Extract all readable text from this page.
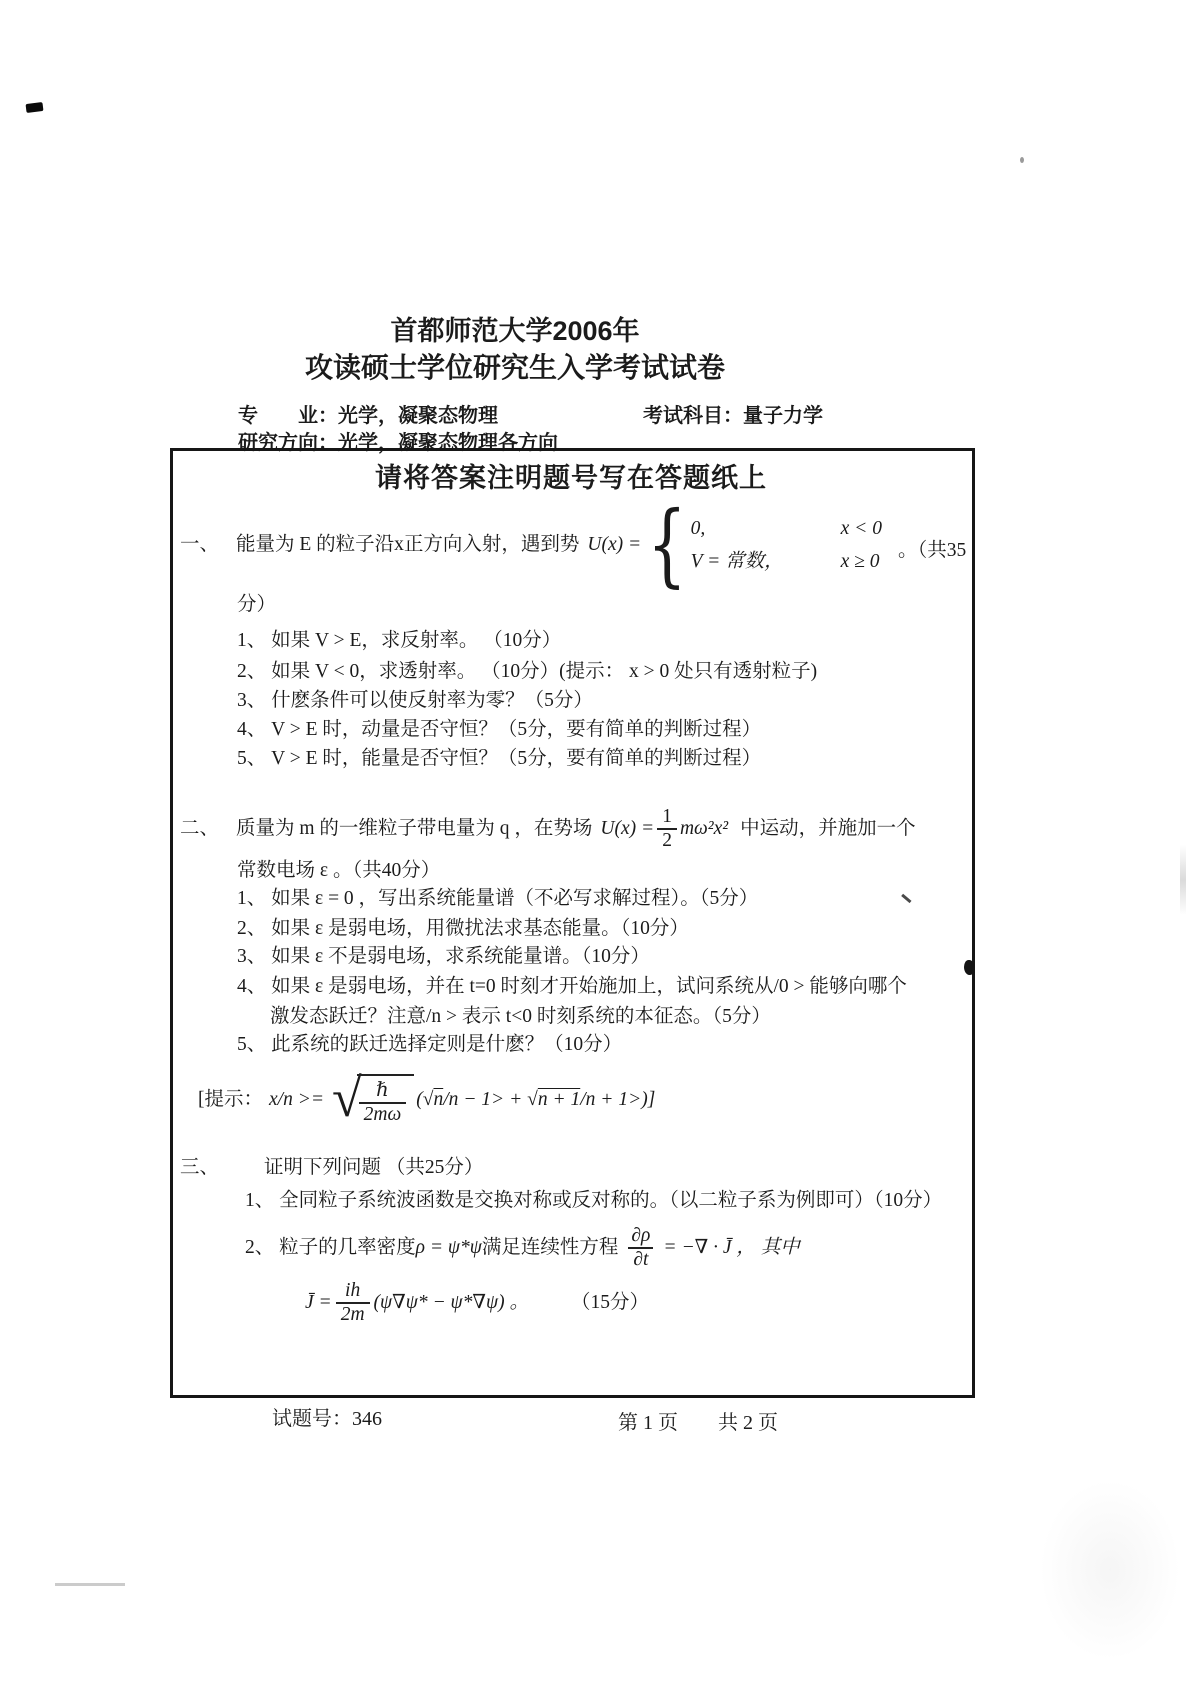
首都师范大学2006年
攻读硕士学位研究生入学考试试卷
专　　业：光学，凝聚态物理	考试科目：量子力学
研究方向：光学，凝聚态物理各方向
请将答案注明题号写在答题纸上
一、 能量为 E 的粒子沿x正方向入射，遇到势 U(x) = { 0,	x < 0
V = 常数，	x ≥ 0 。（共35
分）
1、 如果 V > E，求反射率。 （10分）
2、 如果 V < 0，求透射率。 （10分）(提示： x > 0 处只有透射粒子)
3、 什麽条件可以使反射率为零？（5分）
4、 V > E 时，动量是否守恒？（5分，要有简单的判断过程）
5、 V > E 时，能量是否守恒？（5分，要有简单的判断过程）
二、 质量为 m 的一维粒子带电量为 q ，在势场 $U(x) = \frac{1}{2} m\omega^2x^2$ 中运动，并施加一个
常数电场 ε 。（共40分）
1、 如果 ε = 0 ，写出系统能量谱（不必写求解过程）。（5分）
2、 如果 ε 是弱电场，用微扰法求基态能量。（10分）
3、 如果 ε 不是弱电场，求系统能量谱。（10分）
4、 如果 ε 是弱电场，并在 t=0 时刻才开始施加上，试问系统从/0 > 能够向哪个
激发态跃迁？注意/n > 表示 t<0 时刻系统的本征态。（5分）
5、 此系统的跃迁选择定则是什麽？（10分）
[提示： x/n >= √ ℏ
2mω
(√ n /n − 1> + √ n + 1 /n + 1>)]
三、	证明下列问题 （共25分）
1、 全同粒子系统波函数是交换对称或反对称的。（以二粒子系为例即可）（10分）
2、 粒子的几率密度 ρ = ψ*ψ 满足连续性方程 $\frac{\partial\rho}{\partial t}$ = −∇ · J̄ ， 其中
J̄ = $\frac{ih}{2m} (\psi\nabla\psi* - \psi*\nabla\psi)$ 。 （15分）
试题号：346	第 1 页　　共 2 页
